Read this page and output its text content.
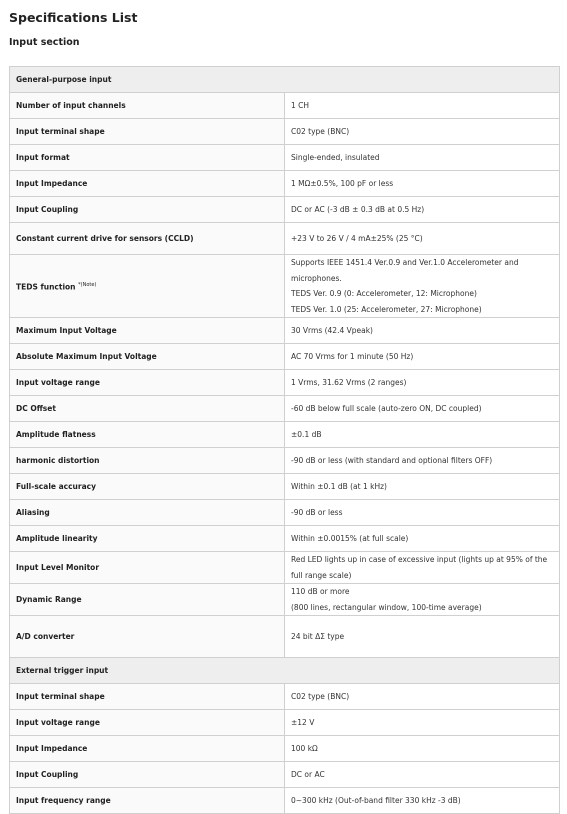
Specifications List
Input section
General-purpose input	
Number of input channels	1 CH

Input terminal shape	C02 type (BNC)

Input format	Single-ended, insulated

Input Impedance	1 MΩ±0.5%, 100 pF or less

Input Coupling	DC or AC (-3 dB ± 0.3 dB at 0.5 Hz)

Constant current drive for sensors (CCLD)	+23 V to 26 V / 4 mA±25% (25 °C)

TEDS function $^{*(Note)}$	Supports IEEE 1451.4 Ver.0.9 and Ver.1.0 Accelerometer and microphones.
TEDS Ver. 0.9 (0: Accelerometer, 12: Microphone)
TEDS Ver. 1.0 (25: Accelerometer, 27: Microphone)

Maximum Input Voltage	30 Vrms (42.4 Vpeak)

Absolute Maximum Input Voltage	AC 70 Vrms for 1 minute (50 Hz)

Input voltage range	1 Vrms, 31.62 Vrms (2 ranges)

DC Offset	-60 dB below full scale (auto-zero ON, DC coupled)

Amplitude flatness	±0.1 dB

harmonic distortion	-90 dB or less (with standard and optional filters OFF)

Full-scale accuracy	Within ±0.1 dB (at 1 kHz)

Aliasing	-90 dB or less

Amplitude linearity	Within ±0.0015% (at full scale)

Input Level Monitor	Red LED lights up in case of excessive input (lights up at 95% of the full range scale)

Dynamic Range	110 dB or more
(800 lines, rectangular window, 100-time average)

A/D converter	24 bit ΔΣ type

External trigger input	
Input terminal shape	C02 type (BNC)

Input voltage range	±12 V

Input Impedance	100 kΩ

Input Coupling	DC or AC

Input frequency range	0~300 kHz (Out-of-band filter 330 kHz -3 dB)
